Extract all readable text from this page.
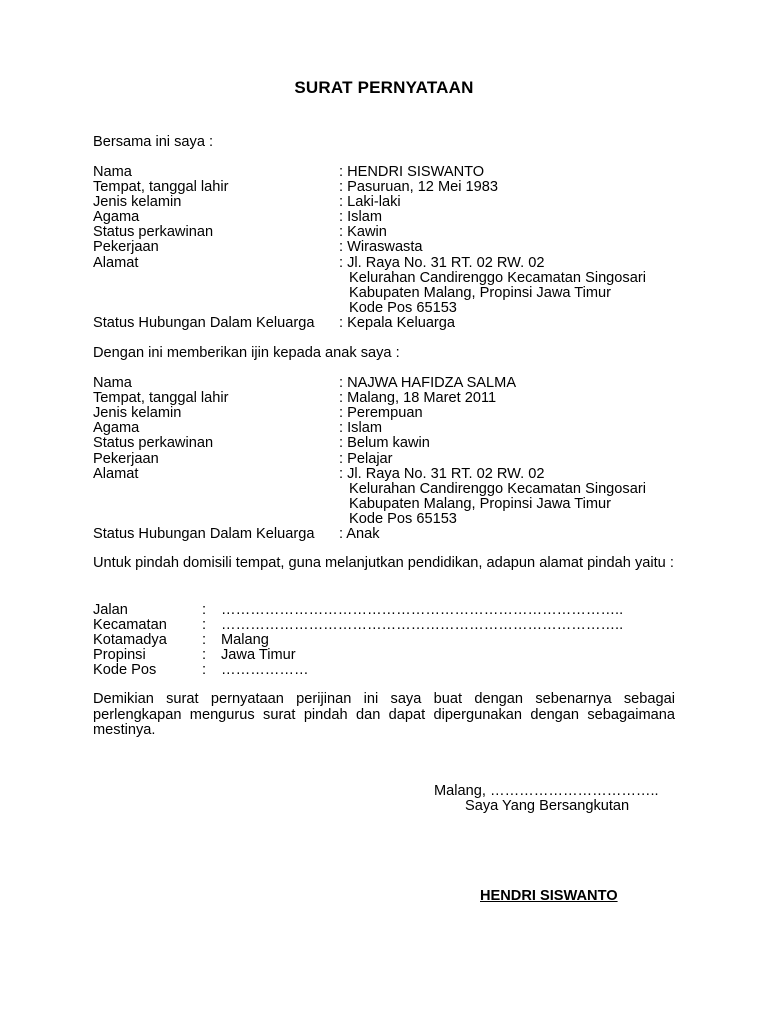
SURAT PERNYATAAN
Bersama ini saya :
Nama	: HENDRI SISWANTO
Tempat, tanggal lahir	: Pasuruan, 12 Mei 1983
Jenis kelamin	: Laki-laki
Agama	: Islam
Status perkawinan	: Kawin
Pekerjaan	: Wiraswasta
Alamat	: Jl. Raya No. 31 RT. 02 RW. 02
Kelurahan Candirenggo Kecamatan Singosari
Kabupaten Malang, Propinsi Jawa Timur
Kode Pos 65153
Status Hubungan Dalam Keluarga : Kepala Keluarga
Dengan ini memberikan ijin kepada anak saya :
Nama	: NAJWA HAFIDZA SALMA
Tempat, tanggal lahir	: Malang, 18 Maret 2011
Jenis kelamin	: Perempuan
Agama	: Islam
Status perkawinan	: Belum kawin
Pekerjaan	: Pelajar
Alamat	: Jl. Raya No. 31 RT. 02 RW. 02
Kelurahan Candirenggo Kecamatan Singosari
Kabupaten Malang, Propinsi Jawa Timur
Kode Pos 65153
Status Hubungan Dalam Keluarga : Anak
Untuk pindah domisili tempat, guna melanjutkan pendidikan, adapun alamat pindah yaitu :
Jalan	: ………………………………………………………………………..
Kecamatan : ………………………………………………………………………..
Kotamadya : Malang
Propinsi	: Jawa Timur
Kode Pos	: ………………
Demikian surat pernyataan perijinan ini saya buat dengan sebenarnya sebagai perlengkapan mengurus surat pindah dan dapat dipergunakan dengan sebagaimana mestinya.
Malang, ……………………………..
Saya Yang Bersangkutan
HENDRI SISWANTO
